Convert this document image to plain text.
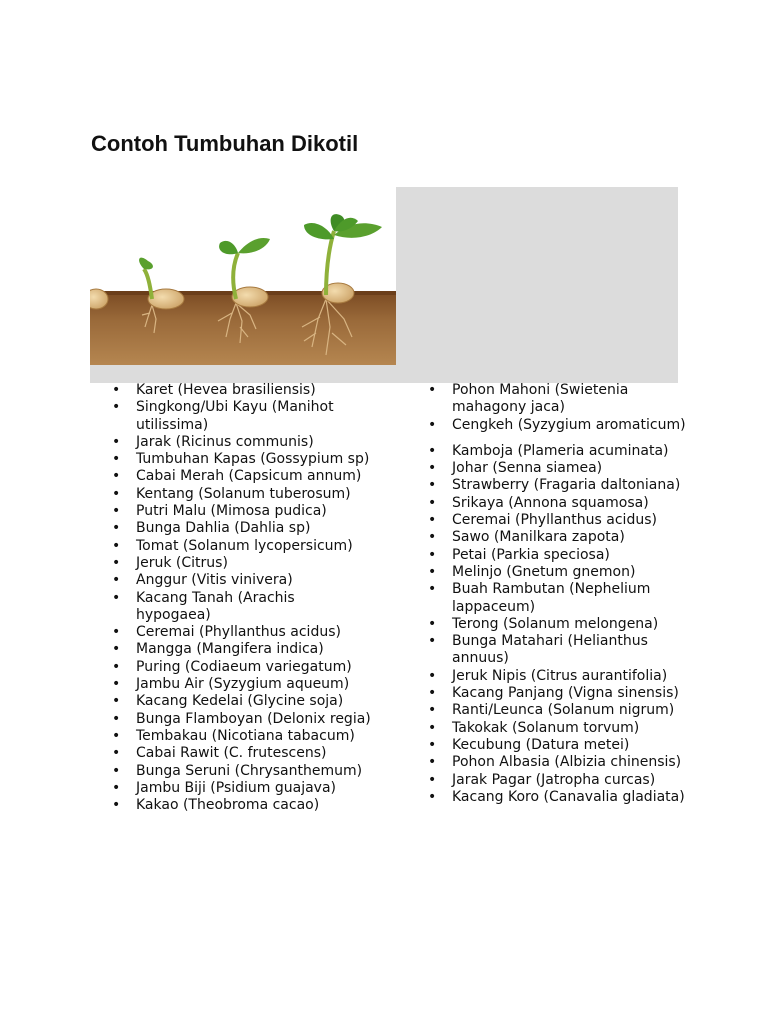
Contoh Tumbuhan Dikotil
• Karet (Hevea brasiliensis)
• Singkong/Ubi Kayu (Manihot utilissima)
• Jarak (Ricinus communis)
• Tumbuhan Kapas (Gossypium sp)
• Cabai Merah (Capsicum annum)
• Kentang (Solanum tuberosum)
• Putri Malu (Mimosa pudica)
• Bunga Dahlia (Dahlia sp)
• Tomat (Solanum lycopersicum)
• Jeruk (Citrus)
• Anggur (Vitis vinivera)
• Kacang Tanah (Arachis hypogaea)
• Ceremai (Phyllanthus acidus)
• Mangga (Mangifera indica)
• Puring (Codiaeum variegatum)
• Jambu Air (Syzygium aqueum)
• Kacang Kedelai (Glycine soja)
• Bunga Flamboyan (Delonix regia)
• Tembakau (Nicotiana tabacum)
• Cabai Rawit (C. frutescens)
• Bunga Seruni (Chrysanthemum)
• Jambu Biji (Psidium guajava)
• Kakao (Theobroma cacao)
• Pohon Mahoni (Swietenia mahagony jaca)
• Cengkeh (Syzygium aromaticum)
• Kamboja (Plameria acuminata)
• Johar (Senna siamea)
• Strawberry (Fragaria daltoniana)
• Srikaya (Annona squamosa)
• Ceremai (Phyllanthus acidus)
• Sawo (Manilkara zapota)
• Petai (Parkia speciosa)
• Melinjo (Gnetum gnemon)
• Buah Rambutan (Nephelium lappaceum)
• Terong (Solanum melongena)
• Bunga Matahari (Helianthus annuus)
• Jeruk Nipis (Citrus aurantifolia)
• Kacang Panjang (Vigna sinensis)
• Ranti/Leunca (Solanum nigrum)
• Takokak (Solanum torvum)
• Kecubung (Datura metei)
• Pohon Albasia (Albizia chinensis)
• Jarak Pagar (Jatropha curcas)
• Kacang Koro (Canavalia gladiata)
